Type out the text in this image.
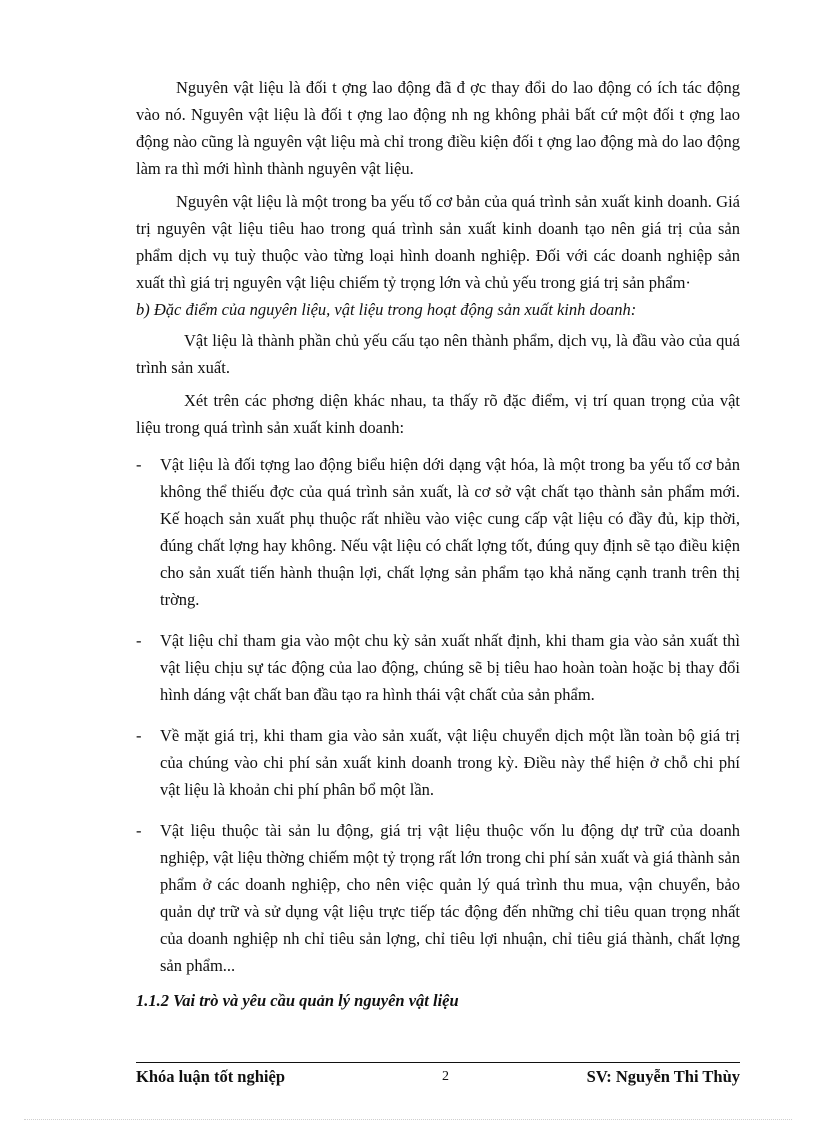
Nguyên vật liệu là đối t ợng lao động đã đ ợc thay đổi do lao động có ích tác động vào nó. Nguyên vật liệu là đối t ợng lao động nh ng không phải bất cứ một đối t ợng lao động nào cũng là nguyên vật liệu mà chỉ trong điều kiện đối t ợng lao động mà do lao động làm ra thì mới hình thành nguyên vật liệu.

Nguyên vật liệu là một trong ba yếu tố cơ bản của quá trình sản xuất kinh doanh. Giá trị nguyên vật liệu tiêu hao trong quá trình sản xuất kinh doanh tạo nên giá trị của sản phẩm dịch vụ tuỳ thuộc vào từng loại hình doanh nghiệp. Đối với các doanh nghiệp sản xuất thì giá trị nguyên vật liệu chiếm tỷ trọng lớn và chủ yếu trong giá trị sản phẩm·

b) Đặc điểm của nguyên liệu, vật liệu trong hoạt động sản xuất kinh doanh:

Vật liệu là thành phần chủ yếu cấu tạo nên thành phẩm, dịch vụ, là đầu vào của quá trình sản xuất.

Xét trên các phơng diện khác nhau, ta thấy rõ đặc điểm, vị trí quan trọng của vật liệu trong quá trình sản xuất kinh doanh:

-	Vật liệu là đối tợng lao động biểu hiện dới dạng vật hóa, là một trong ba yếu tố cơ bản không thể thiếu đợc của quá trình sản xuất, là cơ sở vật chất tạo thành sản phẩm mới. Kế hoạch sản xuất phụ thuộc rất nhiều vào việc cung cấp vật liệu có đầy đủ, kịp thời, đúng chất lợng hay không. Nếu vật liệu có chất lợng tốt, đúng quy định sẽ tạo điều kiện cho sản xuất tiến hành thuận lợi, chất lợng sản phẩm tạo khả năng cạnh tranh trên thị trờng.

-	Vật liệu chỉ tham gia vào một chu kỳ sản xuất nhất định, khi tham gia vào sản xuất thì vật liệu chịu sự tác động của lao động, chúng sẽ bị tiêu hao hoàn toàn hoặc bị thay đổi hình dáng vật chất ban đầu tạo ra hình thái vật chất của sản phẩm.

-	Về mặt giá trị, khi tham gia vào sản xuất, vật liệu chuyển dịch một lần toàn bộ giá trị của chúng vào chi phí sản xuất kinh doanh trong kỳ. Điều này thể hiện ở chỗ chi phí vật liệu là khoản chi phí phân bổ một lần.

-	Vật liệu thuộc tài sản lu động, giá trị vật liệu thuộc vốn lu động dự trữ của doanh nghiệp, vật liệu thờng chiếm một tỷ trọng rất lớn trong chi phí sản xuất và giá thành sản phẩm ở các doanh nghiệp, cho nên việc quản lý quá trình thu mua, vận chuyển, bảo quản dự trữ và sử dụng vật liệu trực tiếp tác động đến những chỉ tiêu quan trọng nhất của doanh nghiệp nh chỉ tiêu sản lợng, chỉ tiêu lợi nhuận, chỉ tiêu giá thành, chất lợng sản phẩm...

1.1.2 Vai trò và yêu cầu quản lý nguyên vật liệu

Khóa luận tốt nghiệp	2	SV: Nguyễn Thi Thùy
